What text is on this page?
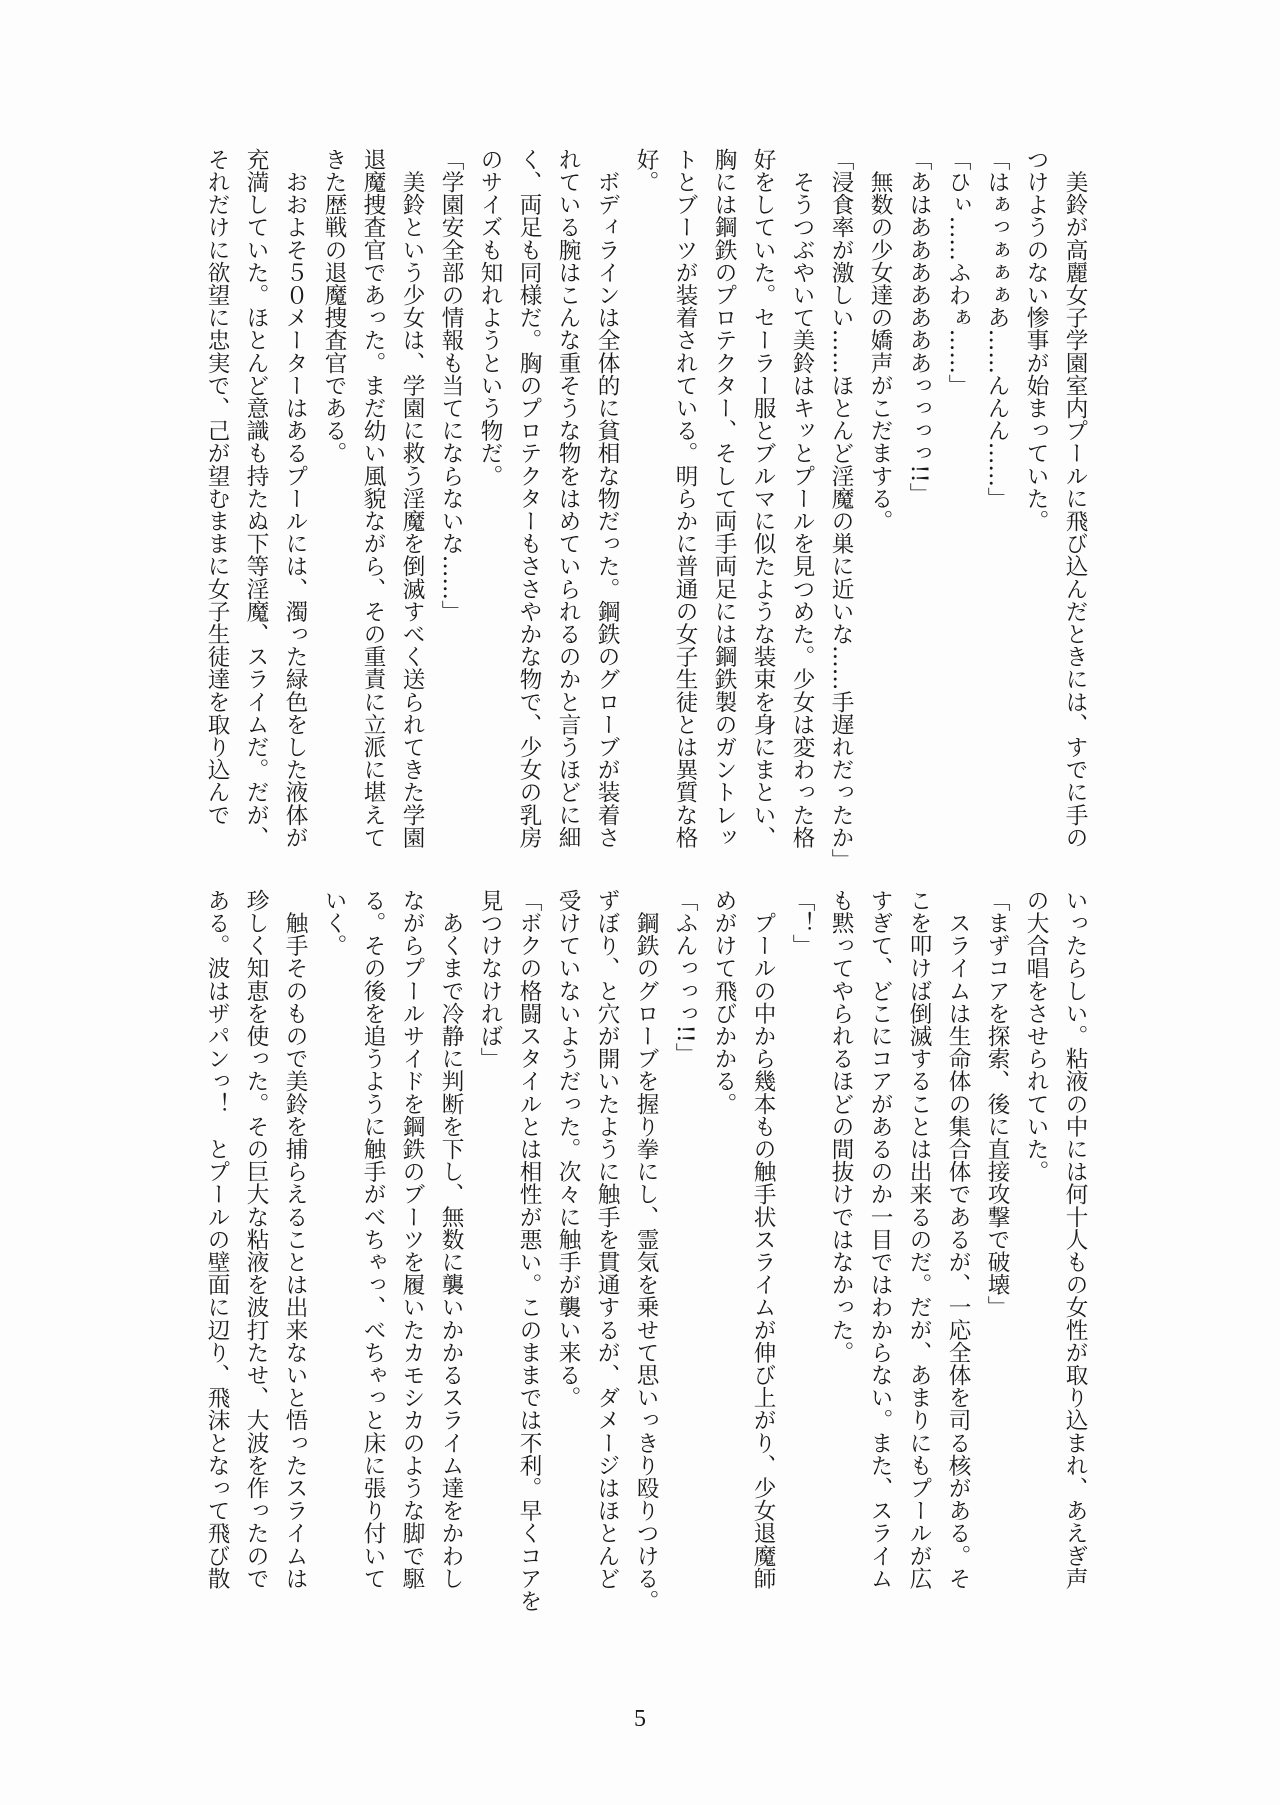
　美鈴が高麗女子学園室内プールに飛び込んだときには、すでに手の
つけようのない惨事が始まっていた。
「はぁっぁぁぁあ……んんん……」
「ひぃ……ふわぁ……」
「あはあああああああっっっっ!!」
　無数の少女達の嬌声がこだまする。
「浸食率が激しい……ほとんど淫魔の巣に近いな……手遅れだったか」
　そうつぶやいて美鈴はキッとプールを見つめた。少女は変わった格
好をしていた。セーラー服とブルマに似たような装束を身にまとい、
胸には鋼鉄のプロテクター、そして両手両足には鋼鉄製のガントレッ
トとブーツが装着されている。明らかに普通の女子生徒とは異質な格
好。
　ボディラインは全体的に貧相な物だった。鋼鉄のグローブが装着さ
れている腕はこんな重そうな物をはめていられるのかと言うほどに細
く、両足も同様だ。胸のプロテクターもささやかな物で、少女の乳房
のサイズも知れようという物だ。
「学園安全部の情報も当てにならないな……」
　美鈴という少女は、学園に救う淫魔を倒滅すべく送られてきた学園
退魔捜査官であった。まだ幼い風貌ながら、その重責に立派に堪えて
きた歴戦の退魔捜査官である。
　おおよそ５０メーターはあるプールには、濁った緑色をした液体が
充満していた。ほとんど意識も持たぬ下等淫魔、スライムだ。だが、
それだけに欲望に忠実で、己が望むままに女子生徒達を取り込んで
いったらしい。粘液の中には何十人もの女性が取り込まれ、あえぎ声
の大合唱をさせられていた。
「まずコアを探索、後に直接攻撃で破壊」
　スライムは生命体の集合体であるが、一応全体を司る核がある。そ
こを叩けば倒滅することは出来るのだ。だが、あまりにもプールが広
すぎて、どこにコアがあるのか一目ではわからない。また、スライム
も黙ってやられるほどの間抜けではなかった。
「！」
　プールの中から幾本もの触手状スライムが伸び上がり、少女退魔師
めがけて飛びかかる。
「ふんっっっ!!」
　鋼鉄のグローブを握り拳にし、霊気を乗せて思いっきり殴りつける。
ずぼり、と穴が開いたように触手を貫通するが、ダメージはほとんど
受けていないようだった。次々に触手が襲い来る。
「ボクの格闘スタイルとは相性が悪い。このままでは不利。早くコアを
見つけなければ」
　あくまで冷静に判断を下し、無数に襲いかかるスライム達をかわし
ながらプールサイドを鋼鉄のブーツを履いたカモシカのような脚で駆
る。その後を追うように触手がべちゃっ、べちゃっと床に張り付いて
いく。
　触手そのもので美鈴を捕らえることは出来ないと悟ったスライムは
珍しく知恵を使った。その巨大な粘液を波打たせ、大波を作ったので
ある。波はザパンっ！　とプールの壁面に辺り、飛沫となって飛び散
5
